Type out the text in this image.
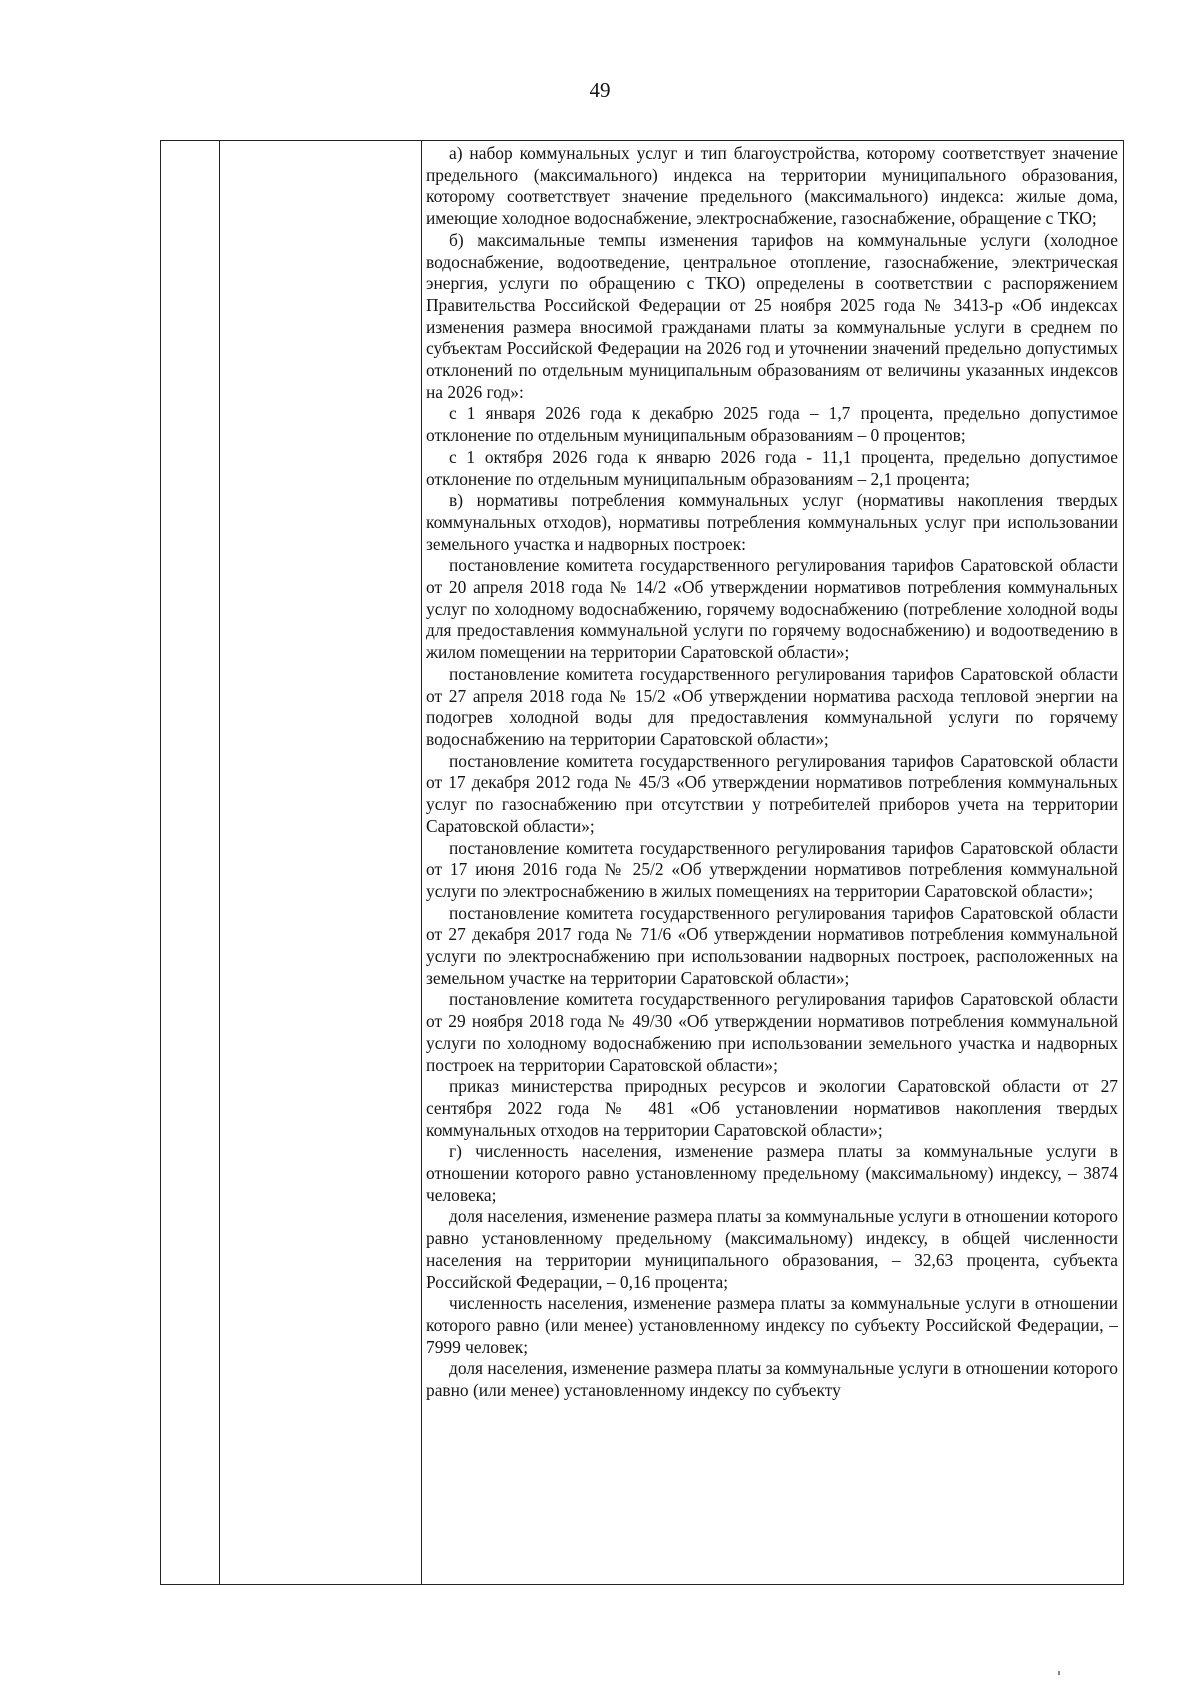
49

а) набор коммунальных услуг и тип благоустройства, которому соответствует значение предельного (максимального) индекса на территории муниципального образования, которому соответствует значение предельного (максимального) индекса: жилые дома, имеющие холодное водоснабжение, электроснабжение, газоснабжение, обращение с ТКО;

б) максимальные темпы изменения тарифов на коммунальные услуги (холодное водоснабжение, водоотведение, центральное отопление, газоснабжение, электрическая энергия, услуги по обращению с ТКО) определены в соответствии с распоряжением Правительства Российской Федерации от 25 ноября 2025 года № 3413-р «Об индексах изменения размера вносимой гражданами платы за коммунальные услуги в среднем по субъектам Российской Федерации на 2026 год и уточнении значений предельно допустимых отклонений по отдельным муниципальным образованиям от величины указанных индексов на 2026 год»:

с 1 января 2026 года к декабрю 2025 года – 1,7 процента, предельно допустимое отклонение по отдельным муниципальным образованиям – 0 процентов;

с 1 октября 2026 года к январю 2026 года - 11,1 процента, предельно допустимое отклонение по отдельным муниципальным образованиям – 2,1 процента;

в) нормативы потребления коммунальных услуг (нормативы накопления твердых коммунальных отходов), нормативы потребления коммунальных услуг при использовании земельного участка и надворных построек:

постановление комитета государственного регулирования тарифов Саратовской области от 20 апреля 2018 года № 14/2 «Об утверждении нормативов потребления коммунальных услуг по холодному водоснабжению, горячему водоснабжению (потребление холодной воды для предоставления коммунальной услуги по горячему водоснабжению) и водоотведению в жилом помещении на территории Саратовской области»;

постановление комитета государственного регулирования тарифов Саратовской области от 27 апреля 2018 года № 15/2 «Об утверждении норматива расхода тепловой энергии на подогрев холодной воды для предоставления коммунальной услуги по горячему водоснабжению на территории Саратовской области»;

постановление комитета государственного регулирования тарифов Саратовской области от 17 декабря 2012 года № 45/3 «Об утверждении нормативов потребления коммунальных услуг по газоснабжению при отсутствии у потребителей приборов учета на территории Саратовской области»;

постановление комитета государственного регулирования тарифов Саратовской области от 17 июня 2016 года № 25/2 «Об утверждении нормативов потребления коммунальной услуги по электроснабжению в жилых помещениях на территории Саратовской области»;

постановление комитета государственного регулирования тарифов Саратовской области от 27 декабря 2017 года № 71/6 «Об утверждении нормативов потребления коммунальной услуги по электроснабжению при использовании надворных построек, расположенных на земельном участке на территории Саратовской области»;

постановление комитета государственного регулирования тарифов Саратовской области от 29 ноября 2018 года № 49/30 «Об утверждении нормативов потребления коммунальной услуги по холодному водоснабжению при использовании земельного участка и надворных построек на территории Саратовской области»;

приказ министерства природных ресурсов и экологии Саратовской области от 27 сентября 2022 года № 481 «Об установлении нормативов накопления твердых коммунальных отходов на территории Саратовской области»;

г) численность населения, изменение размера платы за коммунальные услуги в отношении которого равно установленному предельному (максимальному) индексу, – 3874 человека;

доля населения, изменение размера платы за коммунальные услуги в отношении которого равно установленному предельному (максимальному) индексу, в общей численности населения на территории муниципального образования, – 32,63 процента, субъекта Российской Федерации, – 0,16 процента;

численность населения, изменение размера платы за коммунальные услуги в отношении которого равно (или менее) установленному индексу по субъекту Российской Федерации, – 7999 человек;

доля населения, изменение размера платы за коммунальные услуги в отношении которого равно (или менее) установленному индексу по субъекту
